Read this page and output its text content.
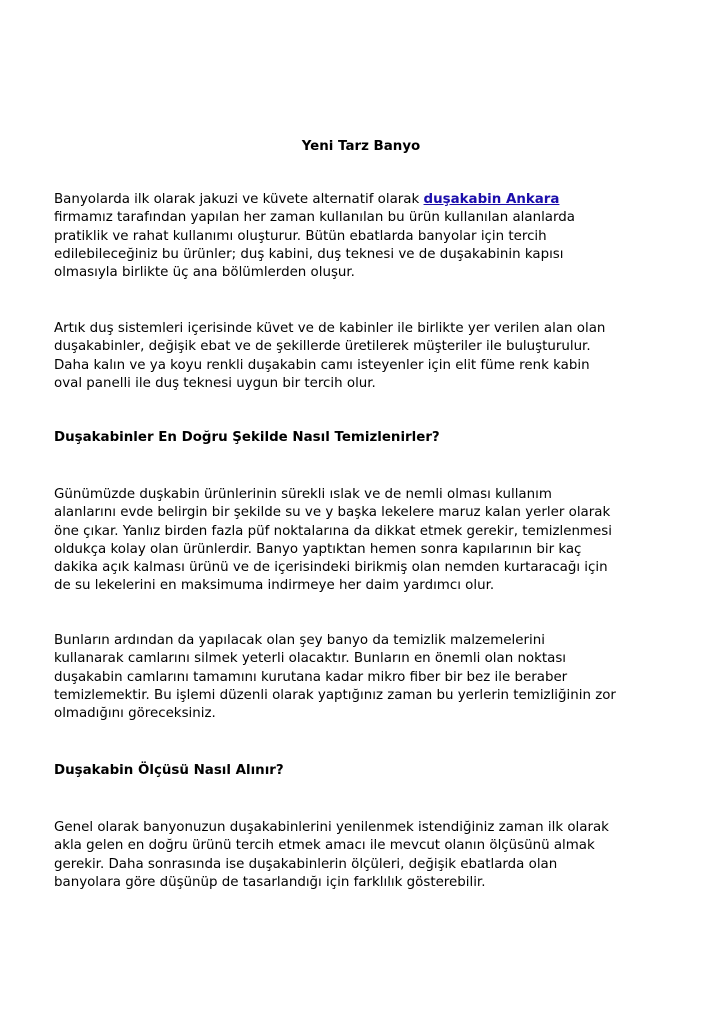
Yeni Tarz Banyo

Banyolarda ilk olarak jakuzi ve küvete alternatif olarak duşakabin Ankara
firmamız tarafından yapılan her zaman kullanılan bu ürün kullanılan alanlarda
pratiklik ve rahat kullanımı oluşturur. Bütün ebatlarda banyolar için tercih
edilebileceğiniz bu ürünler; duş kabini, duş teknesi ve de duşakabinin kapısı
olmasıyla birlikte üç ana bölümlerden oluşur.

Artık duş sistemleri içerisinde küvet ve de kabinler ile birlikte yer verilen alan olan
duşakabinler, değişik ebat ve de şekillerde üretilerek müşteriler ile buluşturulur.
Daha kalın ve ya koyu renkli duşakabin camı isteyenler için elit füme renk kabin
oval panelli ile duş teknesi uygun bir tercih olur.

Duşakabinler En Doğru Şekilde Nasıl Temizlenirler?

Günümüzde duşkabin ürünlerinin sürekli ıslak ve de nemli olması kullanım
alanlarını evde belirgin bir şekilde su ve y başka lekelere maruz kalan yerler olarak
öne çıkar. Yanlız birden fazla püf noktalarına da dikkat etmek gerekir, temizlenmesi
oldukça kolay olan ürünlerdir. Banyo yaptıktan hemen sonra kapılarının bir kaç
dakika açık kalması ürünü ve de içerisindeki birikmiş olan nemden kurtaracağı için
de su lekelerini en maksimuma indirmeye her daim yardımcı olur.

Bunların ardından da yapılacak olan şey banyo da temizlik malzemelerini
kullanarak camlarını silmek yeterli olacaktır. Bunların en önemli olan noktası
duşakabin camlarını tamamını kurutana kadar mikro fiber bir bez ile beraber
temizlemektir. Bu işlemi düzenli olarak yaptığınız zaman bu yerlerin temizliğinin zor
olmadığını göreceksiniz.

Duşakabin Ölçüsü Nasıl Alınır?

Genel olarak banyonuzun duşakabinlerini yenilenmek istendiğiniz zaman ilk olarak
akla gelen en doğru ürünü tercih etmek amacı ile mevcut olanın ölçüsünü almak
gerekir. Daha sonrasında ise duşakabinlerin ölçüleri, değişik ebatlarda olan
banyolara göre düşünüp de tasarlandığı için farklılık gösterebilir.
